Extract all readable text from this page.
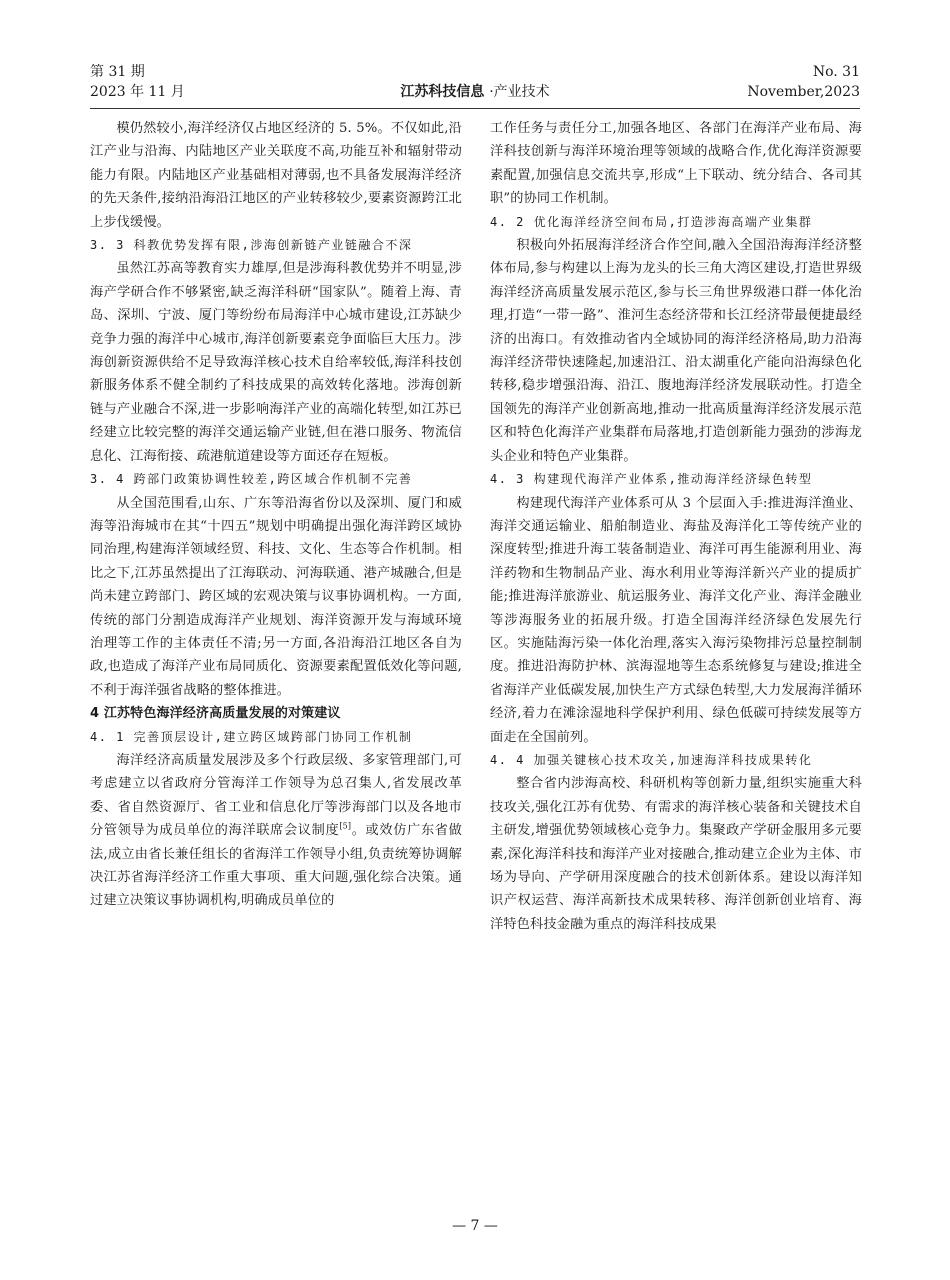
第 31 期
2023 年 11 月	江苏科技信息 ·产业技术
No. 31
November,2023

模仍然较小,海洋经济仅占地区经济的 5. 5%。不仅如此,沿江产业与沿海、内陆地区产业关联度不高,功能互补和辐射带动能力有限。内陆地区产业基础相对薄弱,也不具备发展海洋经济的先天条件,接纳沿海沿江地区的产业转移较少,要素资源跨江北上步伐缓慢。

3. 3 科教优势发挥有限,涉海创新链产业链融合不深

虽然江苏高等教育实力雄厚,但是涉海科教优势并不明显,涉海产学研合作不够紧密,缺乏海洋科研“国家队”。随着上海、青岛、深圳、宁波、厦门等纷纷布局海洋中心城市建设,江苏缺少竞争力强的海洋中心城市,海洋创新要素竞争面临巨大压力。涉海创新资源供给不足导致海洋核心技术自给率较低,海洋科技创新服务体系不健全制约了科技成果的高效转化落地。涉海创新链与产业融合不深,进一步影响海洋产业的高端化转型,如江苏已经建立比较完整的海洋交通运输产业链,但在港口服务、物流信息化、江海衔接、疏港航道建设等方面还存在短板。

3. 4 跨部门政策协调性较差,跨区域合作机制不完善

从全国范围看,山东、广东等沿海省份以及深圳、厦门和威海等沿海城市在其“十四五”规划中明确提出强化海洋跨区域协同治理,构建海洋领域经贸、科技、文化、生态等合作机制。相比之下,江苏虽然提出了江海联动、河海联通、港产城融合,但是尚未建立跨部门、跨区域的宏观决策与议事协调机构。一方面,传统的部门分割造成海洋产业规划、海洋资源开发与海域环境治理等工作的主体责任不清;另一方面,各沿海沿江地区各自为政,也造成了海洋产业布局同质化、资源要素配置低效化等问题,不利于海洋强省战略的整体推进。

4 江苏特色海洋经济高质量发展的对策建议

4. 1 完善顶层设计,建立跨区域跨部门协同工作机制

海洋经济高质量发展涉及多个行政层级、多家管理部门,可考虑建立以省政府分管海洋工作领导为总召集人,省发展改革委、省自然资源厅、省工业和信息化厅等涉海部门以及各地市分管领导为成员单位的海洋联席会议制度[5]。或效仿广东省做法,成立由省长兼任组长的省海洋工作领导小组,负责统筹协调解决江苏省海洋经济工作重大事项、重大问题,强化综合决策。通过建立决策议事协调机构,明确成员单位的

工作任务与责任分工,加强各地区、各部门在海洋产业布局、海洋科技创新与海洋环境治理等领域的战略合作,优化海洋资源要素配置,加强信息交流共享,形成“上下联动、统分结合、各司其职”的协同工作机制。

4. 2 优化海洋经济空间布局,打造涉海高端产业集群

积极向外拓展海洋经济合作空间,融入全国沿海海洋经济整体布局,参与构建以上海为龙头的长三角大湾区建设,打造世界级海洋经济高质量发展示范区,参与长三角世界级港口群一体化治理,打造“一带一路”、淮河生态经济带和长江经济带最便捷最经济的出海口。有效推动省内全域协同的海洋经济格局,助力沿海海洋经济带快速隆起,加速沿江、沿太湖重化产能向沿海绿色化转移,稳步增强沿海、沿江、腹地海洋经济发展联动性。打造全国领先的海洋产业创新高地,推动一批高质量海洋经济发展示范区和特色化海洋产业集群布局落地,打造创新能力强劲的涉海龙头企业和特色产业集群。

4. 3 构建现代海洋产业体系,推动海洋经济绿色转型

构建现代海洋产业体系可从 3 个层面入手:推进海洋渔业、海洋交通运输业、船舶制造业、海盐及海洋化工等传统产业的深度转型;推进升海工装备制造业、海洋可再生能源利用业、海洋药物和生物制品产业、海水利用业等海洋新兴产业的提质扩能;推进海洋旅游业、航运服务业、海洋文化产业、海洋金融业等涉海服务业的拓展升级。打造全国海洋经济绿色发展先行区。实施陆海污染一体化治理,落实入海污染物排污总量控制制度。推进沿海防护林、滨海湿地等生态系统修复与建设;推进全省海洋产业低碳发展,加快生产方式绿色转型,大力发展海洋循环经济,着力在滩涂湿地科学保护利用、绿色低碳可持续发展等方面走在全国前列。

4. 4 加强关键核心技术攻关,加速海洋科技成果转化

整合省内涉海高校、科研机构等创新力量,组织实施重大科技攻关,强化江苏有优势、有需求的海洋核心装备和关键技术自主研发,增强优势领域核心竞争力。集聚政产学研金服用多元要素,深化海洋科技和海洋产业对接融合,推动建立企业为主体、市场为导向、产学研用深度融合的技术创新体系。建设以海洋知识产权运营、海洋高新技术成果转移、海洋创新创业培育、海洋特色科技金融为重点的海洋科技成果

— 7 —
